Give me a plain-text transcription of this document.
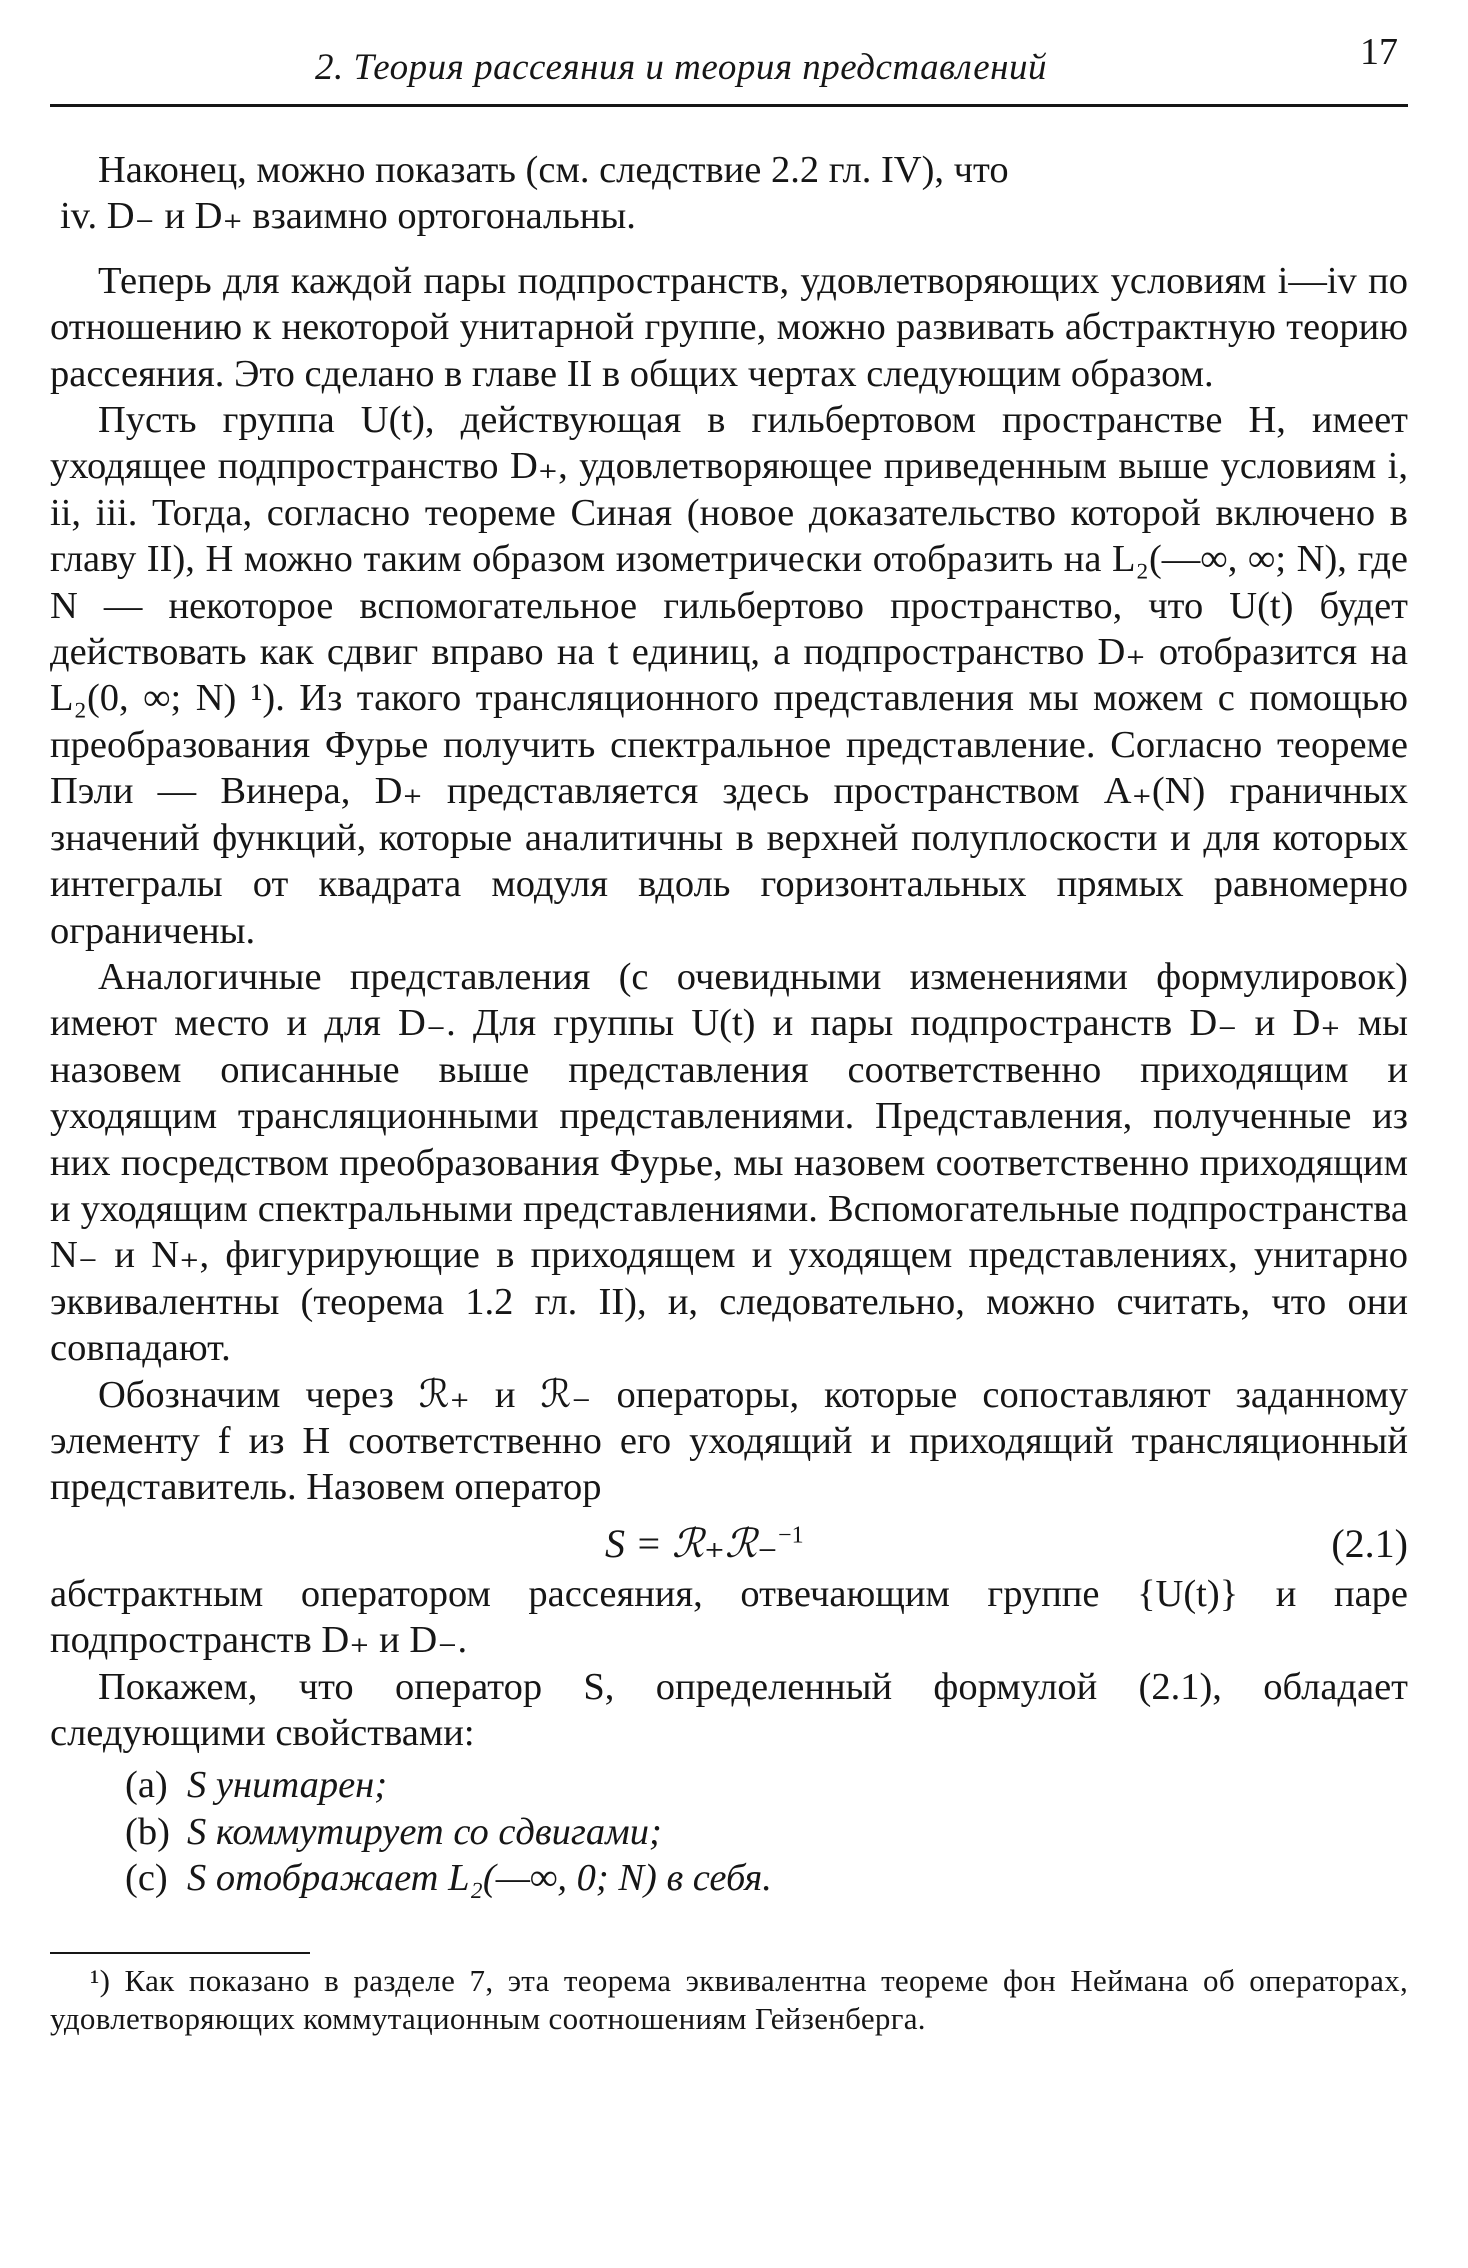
2. Теория рассеяния и теория представлений	17

Наконец, можно показать (см. следствие 2.2 гл. IV), что

iv. D₋ и D₊ взаимно ортогональны.

Теперь для каждой пары подпространств, удовлетворяющих условиям i—iv по отношению к некоторой унитарной группе, можно развивать абстрактную теорию рассеяния. Это сделано в главе II в общих чертах следующим образом.

Пусть группа U(t), действующая в гильбертовом пространстве H, имеет уходящее подпространство D₊, удовлетворяющее приведенным выше условиям i, ii, iii. Тогда, согласно теореме Синая (новое доказательство которой включено в главу II), H можно таким образом изометрически отобразить на L₂(—∞, ∞; N), где N — некоторое вспомогательное гильбертово пространство, что U(t) будет действовать как сдвиг вправо на t единиц, а подпространство D₊ отобразится на L₂(0, ∞; N) ¹). Из такого трансляционного представления мы можем с помощью преобразования Фурье получить спектральное представление. Согласно теореме Пэли — Винера, D₊ представляется здесь пространством A₊(N) граничных значений функций, которые аналитичны в верхней полуплоскости и для которых интегралы от квадрата модуля вдоль горизонтальных прямых равномерно ограничены.

Аналогичные представления (с очевидными изменениями формулировок) имеют место и для D₋. Для группы U(t) и пары подпространств D₋ и D₊ мы назовем описанные выше представления соответственно приходящим и уходящим трансляционными представлениями. Представления, полученные из них посредством преобразования Фурье, мы назовем соответственно приходящим и уходящим спектральными представлениями. Вспомогательные подпространства N₋ и N₊, фигурирующие в приходящем и уходящем представлениях, унитарно эквивалентны (теорема 1.2 гл. II), и, следовательно, можно считать, что они совпадают.

Обозначим через ℛ₊ и ℛ₋ операторы, которые сопоставляют заданному элементу f из H соответственно его уходящий и приходящий трансляционный представитель. Назовем оператор

S = ℛ₊ℛ₋$^{-1}$	(2.1)

абстрактным оператором рассеяния, отвечающим группе {U(t)} и паре подпространств D₊ и D₋.

Покажем, что оператор S, определенный формулой (2.1), обладает следующими свойствами:

(a) S унитарен;
(b) S коммутирует со сдвигами;
(c) S отображает L₂(—∞, 0; N) в себя.

¹) Как показано в разделе 7, эта теорема эквивалентна теореме фон Неймана об операторах, удовлетворяющих коммутационным соотношениям Гейзенберга.
